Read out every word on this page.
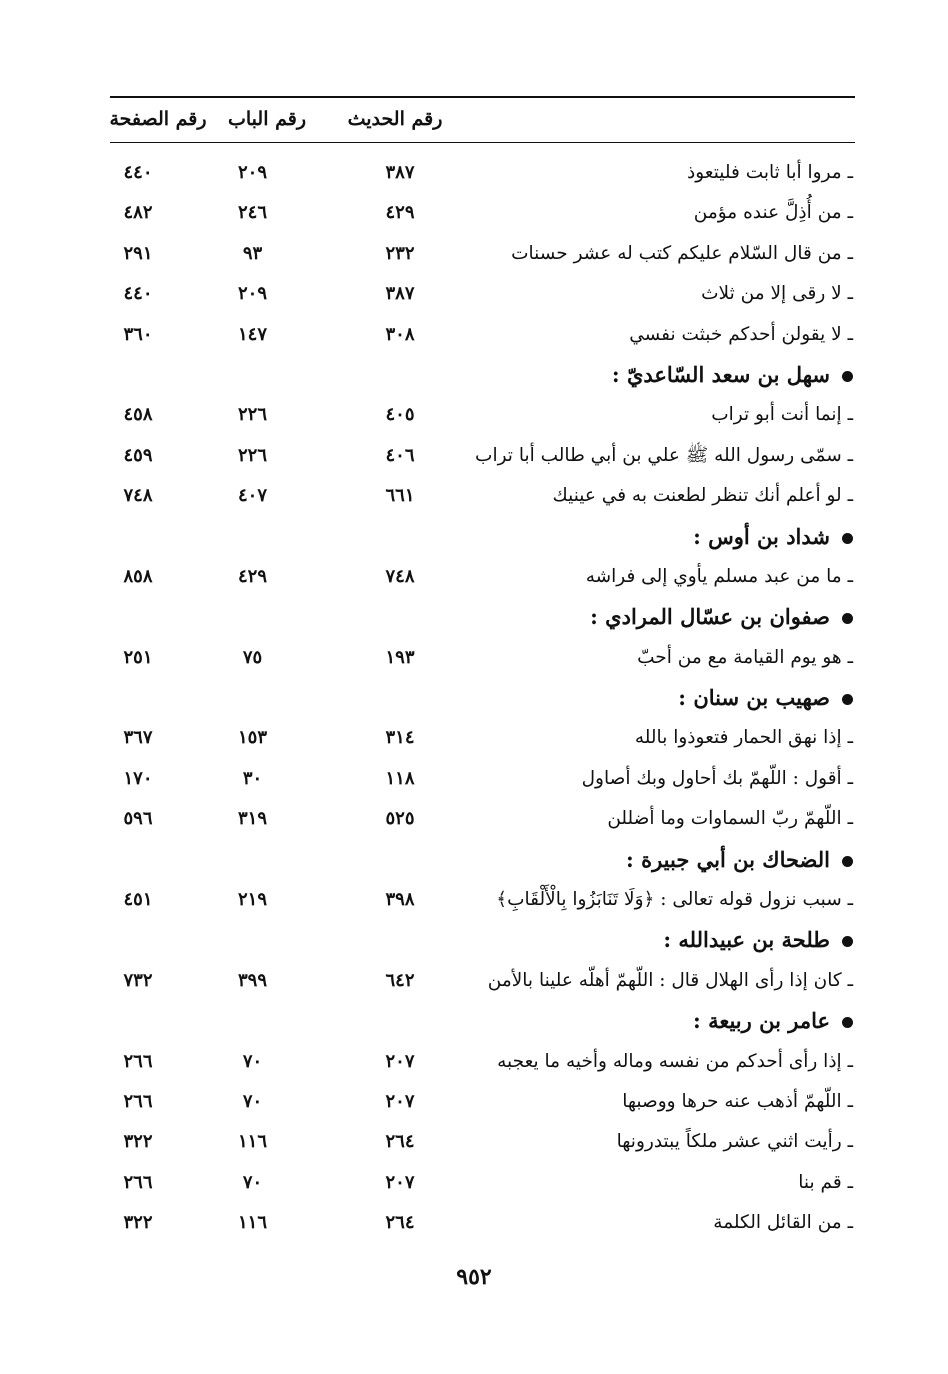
رقم الحديث
رقم الباب
رقم الصفحة
ـ مروا أبا ثابت فليتعوذ
٣٨٧
٢٠٩
٤٤٠
ـ من أُذِلَّ عنده مؤمن
٤٢٩
٢٤٦
٤٨٢
ـ من قال السّلام عليكم كتب له عشر حسنات
٢٣٢
٩٣
٢٩١
ـ لا رقى إلا من ثلاث
٣٨٧
٢٠٩
٤٤٠
ـ لا يقولن أحدكم خبثت نفسي
٣٠٨
١٤٧
٣٦٠
سهل بن سعد السّاعديّ :
ـ إنما أنت أبو تراب
٤٠٥
٢٢٦
٤٥٨
ـ سمّى رسول الله ﷺ علي بن أبي طالب أبا تراب
٤٠٦
٢٢٦
٤٥٩
ـ لو أعلم أنك تنظر لطعنت به في عينيك
٦٦١
٤٠٧
٧٤٨
شداد بن أوس :
ـ ما من عبد مسلم يأوي إلى فراشه
٧٤٨
٤٢٩
٨٥٨
صفوان بن عسّال المرادي :
ـ هو يوم القيامة مع من أحبّ
١٩٣
٧٥
٢٥١
صهيب بن سنان :
ـ إذا نهق الحمار فتعوذوا بالله
٣١٤
١٥٣
٣٦٧
ـ أقول : اللّهمّ بك أحاول وبك أصاول
١١٨
٣٠
١٧٠
ـ اللّهمّ ربّ السماوات وما أضللن
٥٢٥
٣١٩
٥٩٦
الضحاك بن أبي جبيرة :
ـ سبب نزول قوله تعالى : ﴿وَلَا تَنَابَزُوا بِالْأَلْقَابِ﴾
٣٩٨
٢١٩
٤٥١
طلحة بن عبيدالله :
ـ كان إذا رأى الهلال قال : اللّهمّ أهلّه علينا بالأمن
٦٤٢
٣٩٩
٧٣٢
عامر بن ربيعة :
ـ إذا رأى أحدكم من نفسه وماله وأخيه ما يعجبه
٢٠٧
٧٠
٢٦٦
ـ اللّهمّ أذهب عنه حرها ووصبها
٢٠٧
٧٠
٢٦٦
ـ رأيت اثني عشر ملكاً يبتدرونها
٢٦٤
١١٦
٣٢٢
ـ قم بنا
٢٠٧
٧٠
٢٦٦
ـ من القائل الكلمة
٢٦٤
١١٦
٣٢٢
٩٥٢
